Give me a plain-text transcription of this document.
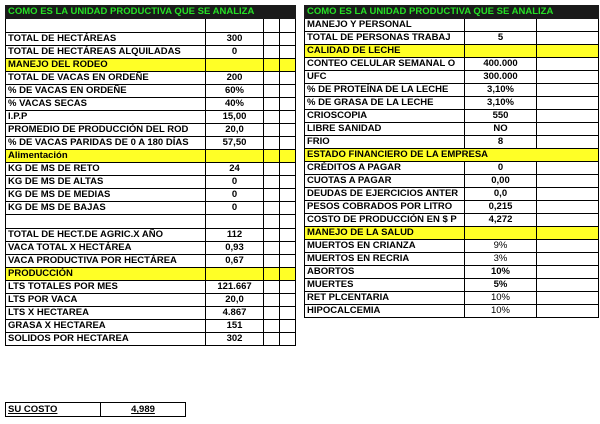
COMO ES LA UNIDAD PRODUCTIVA QUE SE ANALIZA			

TOTAL DE HECTÁREAS	300		
TOTAL DE HECTÁREAS ALQUILADAS	0		
MANEJO DEL RODEO			
TOTAL DE VACAS EN ORDEÑE	200		
% DE VACAS EN ORDEÑE	60%		
% VACAS SECAS	40%		
I.P.P	15,00		
PROMEDIO DE PRODUCCIÓN DEL ROD	20,0		
% DE VACAS PARIDAS DE 0 A 180 DÍAS	57,50		
Alimentación			
KG DE MS DE RETO	24		
KG DE MS DE ALTAS	0		
KG DE MS DE MEDIAS	0		
KG DE MS DE BAJAS	0		

TOTAL DE HECT.DE AGRIC.X AÑO	112		
VACA TOTAL X HECTÁREA	0,93		
VACA PRODUCTIVA POR HECTÁREA	0,67		
PRODUCCIÓN			
LTS TOTALES POR MES	121.667		
LTS POR VACA	20,0		
LTS X HECTAREA	4.867		
GRASA X HECTAREA	151		
SOLIDOS POR HECTAREA	302		
COMO ES LA UNIDAD PRODUCTIVA QUE SE ANALIZA		
MANEJO Y PERSONAL		
TOTAL DE PERSONAS TRABAJ	5	
CALIDAD DE LECHE		
CONTEO CELULAR SEMANAL O	400.000	
UFC	300.000	
% DE PROTEÍNA DE LA LECHE	3,10%	
% DE GRASA DE LA LECHE	3,10%	
CRIOSCOPIA	550	
LIBRE SANIDAD	NO	
FRIO	8	
ESTADO FINANCIERO DE LA EMPRESA		
CRÉDITOS A PAGAR	0	
CUOTAS A PAGAR	0,00	
DEUDAS DE EJERCICIOS ANTER	0,0	
PESOS COBRADOS POR LITRO	0,215	
COSTO DE PRODUCCIÓN EN $ P	4,272	
MANEJO DE LA SALUD		
MUERTOS EN CRIANZA	9%	
MUERTOS EN RECRIA	3%	
ABORTOS	10%	
MUERTES	5%	
RET PLCENTARIA	10%	
HIPOCALCEMIA	10%	
SU COSTO	4,989
